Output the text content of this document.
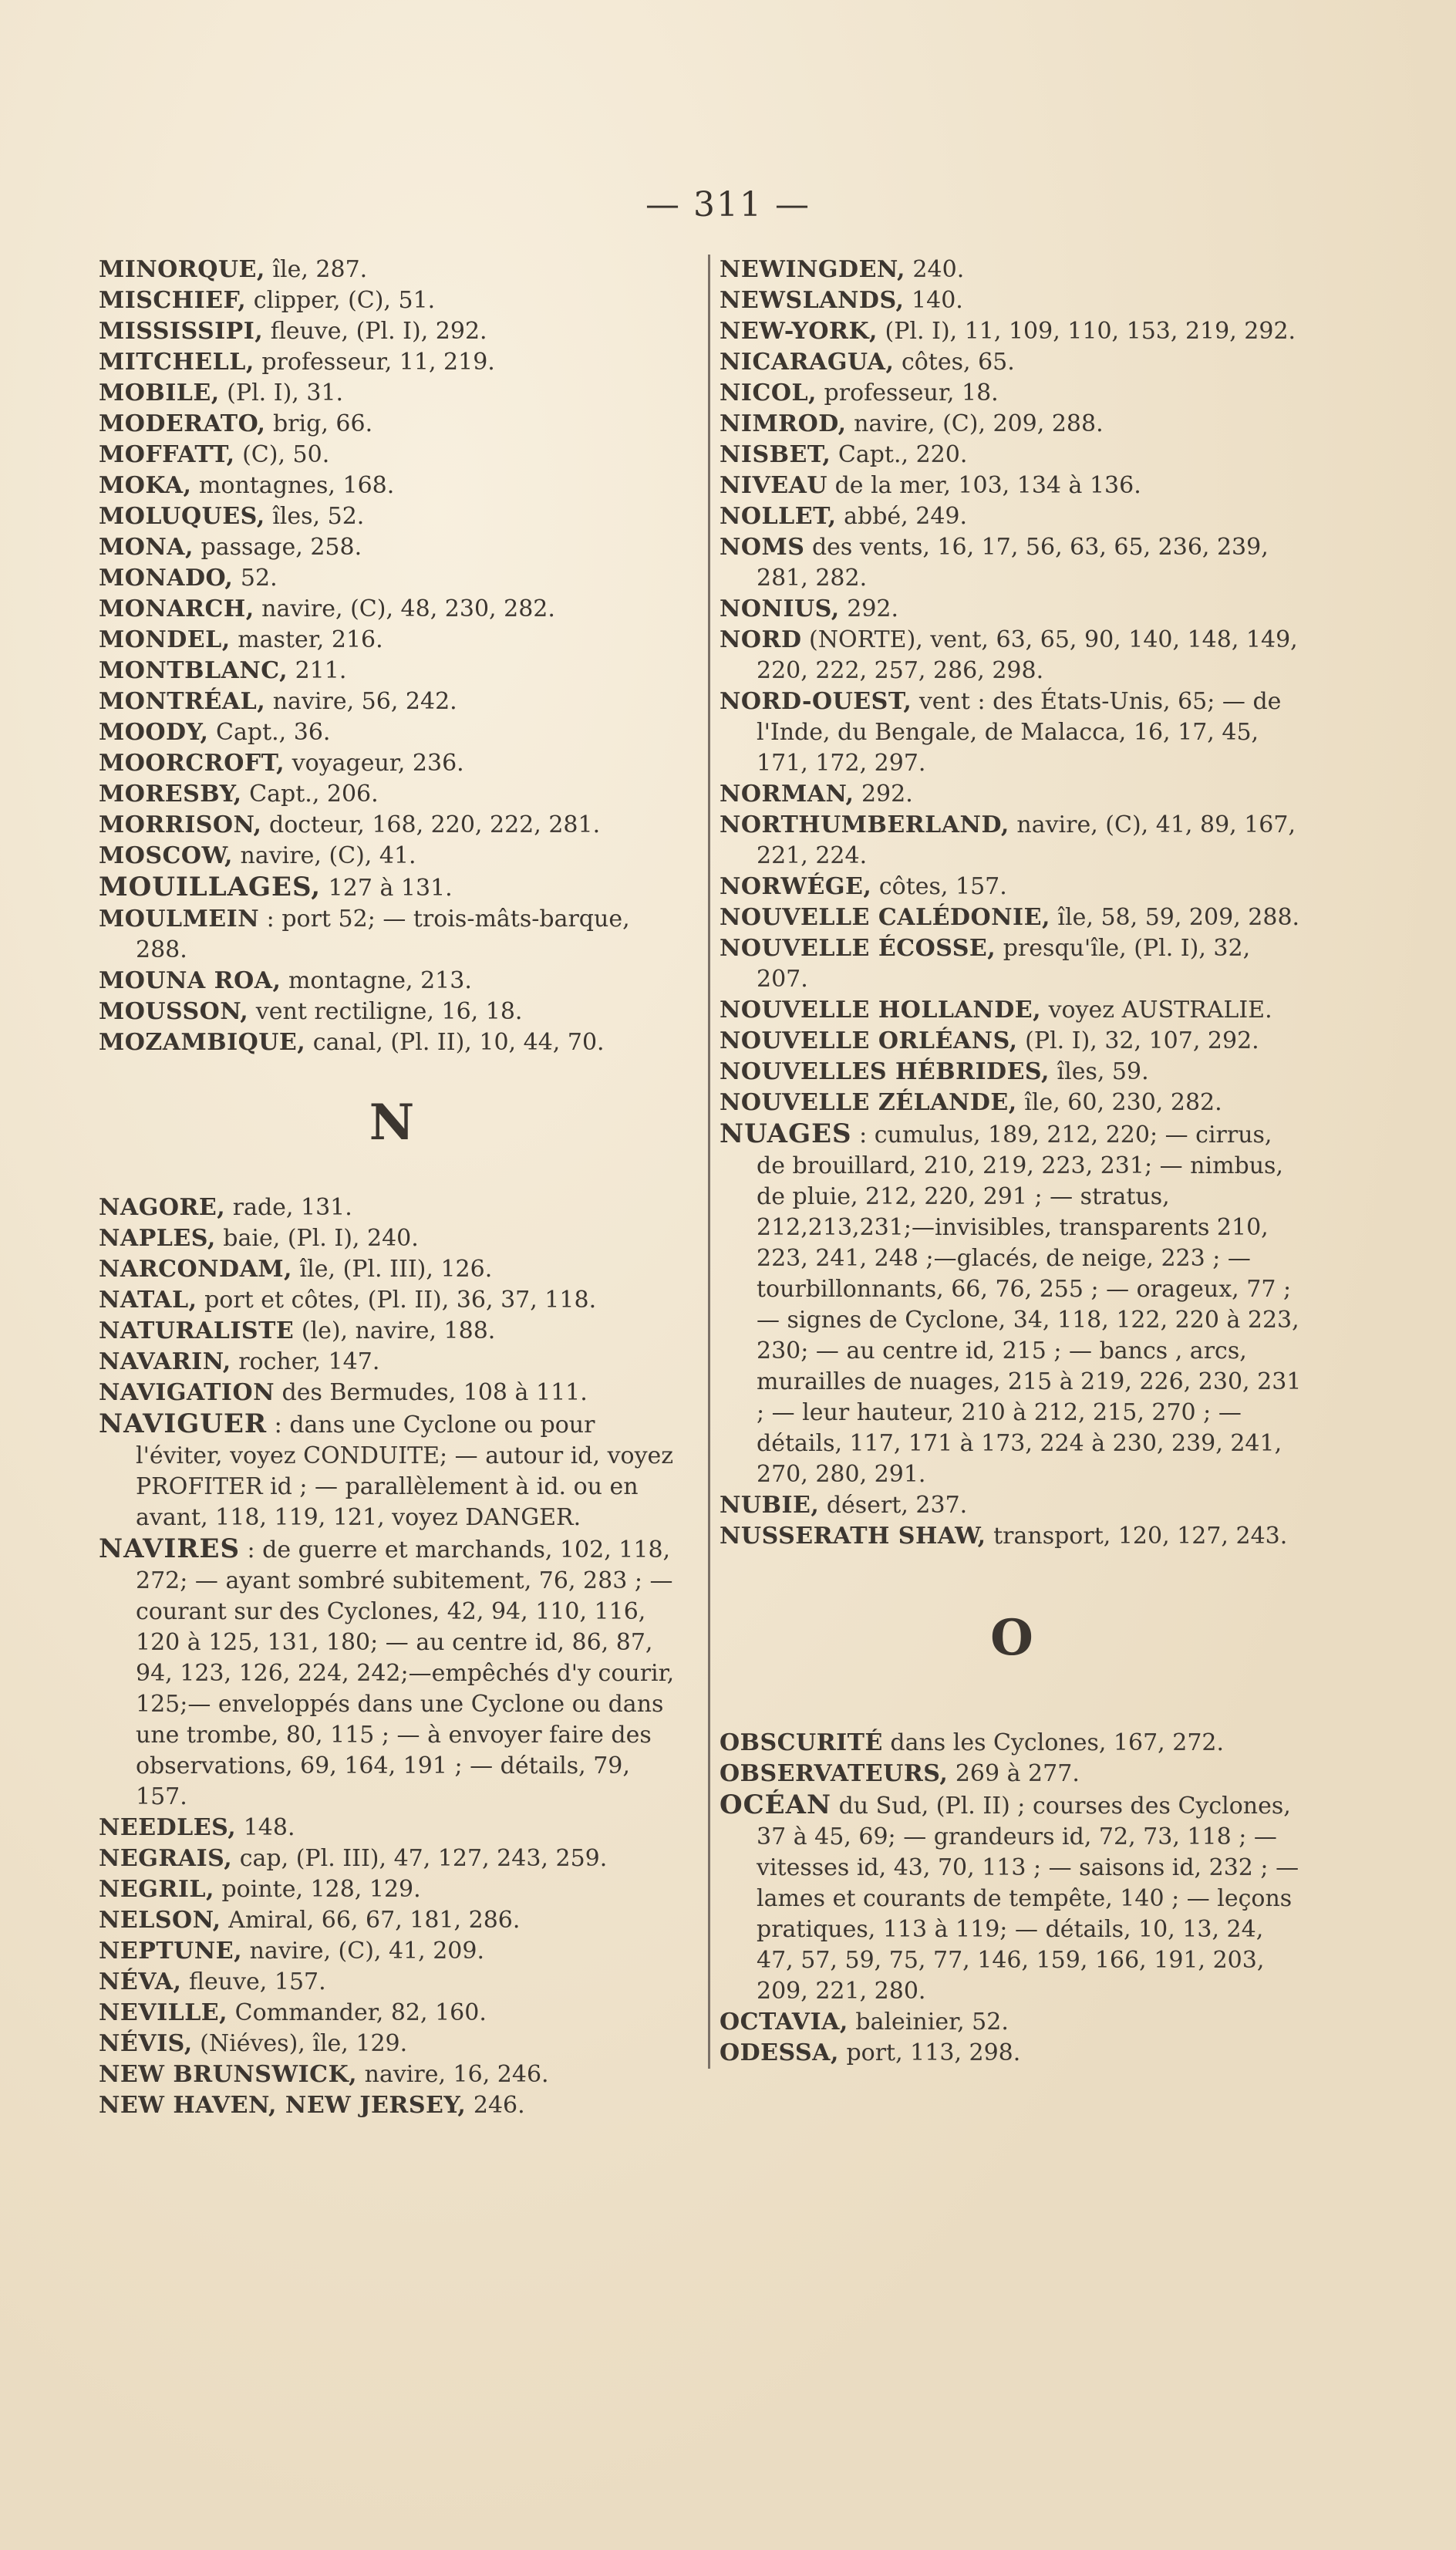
— 311 —

MINORQUE, île, 287.

MISCHIEF, clipper, (C), 51.

MISSISSIPI, fleuve, (Pl. I), 292.

MITCHELL, professeur, 11, 219.

MOBILE, (Pl. I), 31.

MODERATO, brig, 66.

MOFFATT, (C), 50.

MOKA, montagnes, 168.

MOLUQUES, îles, 52.

MONA, passage, 258.

MONADO, 52.

MONARCH, navire, (C), 48, 230, 282.

MONDEL, master, 216.

MONTBLANC, 211.

MONTRÉAL, navire, 56, 242.

MOODY, Capt., 36.

MOORCROFT, voyageur, 236.

MORESBY, Capt., 206.

MORRISON, docteur, 168, 220, 222, 281.

MOSCOW, navire, (C), 41.

MOUILLAGES, 127 à 131.

MOULMEIN : port 52; — trois-mâts-barque, 288.

MOUNA ROA, montagne, 213.

MOUSSON, vent rectiligne, 16, 18.

MOZAMBIQUE, canal, (Pl. II), 10, 44, 70.

N

NAGORE, rade, 131.

NAPLES, baie, (Pl. I), 240.

NARCONDAM, île, (Pl. III), 126.

NATAL, port et côtes, (Pl. II), 36, 37, 118.

NATURALISTE (le), navire, 188.

NAVARIN, rocher, 147.

NAVIGATION des Bermudes, 108 à 111.

NAVIGUER : dans une Cyclone ou pour l'éviter, voyez CONDUITE; — autour id, voyez PROFITER id ; — parallèlement à id. ou en avant, 118, 119, 121, voyez DANGER.

NAVIRES : de guerre et marchands, 102, 118, 272; — ayant sombré subitement, 76, 283 ; — courant sur des Cyclones, 42, 94, 110, 116, 120 à 125, 131, 180; — au centre id, 86, 87, 94, 123, 126, 224, 242;—empêchés d'y courir, 125;— enveloppés dans une Cyclone ou dans une trombe, 80, 115 ; — à envoyer faire des observations, 69, 164, 191 ; — détails, 79, 157.

NEEDLES, 148.

NEGRAIS, cap, (Pl. III), 47, 127, 243, 259.

NEGRIL, pointe, 128, 129.

NELSON, Amiral, 66, 67, 181, 286.

NEPTUNE, navire, (C), 41, 209.

NÉVA, fleuve, 157.

NEVILLE, Commander, 82, 160.

NÉVIS, (Niéves), île, 129.

NEW BRUNSWICK, navire, 16, 246.

NEW HAVEN, NEW JERSEY, 246.

NEWINGDEN, 240.

NEWSLANDS, 140.

NEW-YORK, (Pl. I), 11, 109, 110, 153, 219, 292.

NICARAGUA, côtes, 65.

NICOL, professeur, 18.

NIMROD, navire, (C), 209, 288.

NISBET, Capt., 220.

NIVEAU de la mer, 103, 134 à 136.

NOLLET, abbé, 249.

NOMS des vents, 16, 17, 56, 63, 65, 236, 239, 281, 282.

NONIUS, 292.

NORD (NORTE), vent, 63, 65, 90, 140, 148, 149, 220, 222, 257, 286, 298.

NORD-OUEST, vent : des États-Unis, 65; — de l'Inde, du Bengale, de Malacca, 16, 17, 45, 171, 172, 297.

NORMAN, 292.

NORTHUMBERLAND, navire, (C), 41, 89, 167, 221, 224.

NORWÉGE, côtes, 157.

NOUVELLE CALÉDONIE, île, 58, 59, 209, 288.

NOUVELLE ÉCOSSE, presqu'île, (Pl. I), 32, 207.

NOUVELLE HOLLANDE, voyez AUSTRALIE.

NOUVELLE ORLÉANS, (Pl. I), 32, 107, 292.

NOUVELLES HÉBRIDES, îles, 59.

NOUVELLE ZÉLANDE, île, 60, 230, 282.

NUAGES : cumulus, 189, 212, 220; — cirrus, de brouillard, 210, 219, 223, 231; — nimbus, de pluie, 212, 220, 291 ; — stratus, 212,213,231;—invisibles, transparents 210, 223, 241, 248 ;—glacés, de neige, 223 ; — tourbillonnants, 66, 76, 255 ; — orageux, 77 ; — signes de Cyclone, 34, 118, 122, 220 à 223, 230; — au centre id, 215 ; — bancs , arcs, murailles de nuages, 215 à 219, 226, 230, 231 ; — leur hauteur, 210 à 212, 215, 270 ; — détails, 117, 171 à 173, 224 à 230, 239, 241, 270, 280, 291.

NUBIE, désert, 237.

NUSSERATH SHAW, transport, 120, 127, 243.

O

OBSCURITÉ dans les Cyclones, 167, 272.

OBSERVATEURS, 269 à 277.

OCÉAN du Sud, (Pl. II) ; courses des Cyclones, 37 à 45, 69; — grandeurs id, 72, 73, 118 ; — vitesses id, 43, 70, 113 ; — saisons id, 232 ; — lames et courants de tempête, 140 ; — leçons pratiques, 113 à 119; — détails, 10, 13, 24, 47, 57, 59, 75, 77, 146, 159, 166, 191, 203, 209, 221, 280.

OCTAVIA, baleinier, 52.

ODESSA, port, 113, 298.
